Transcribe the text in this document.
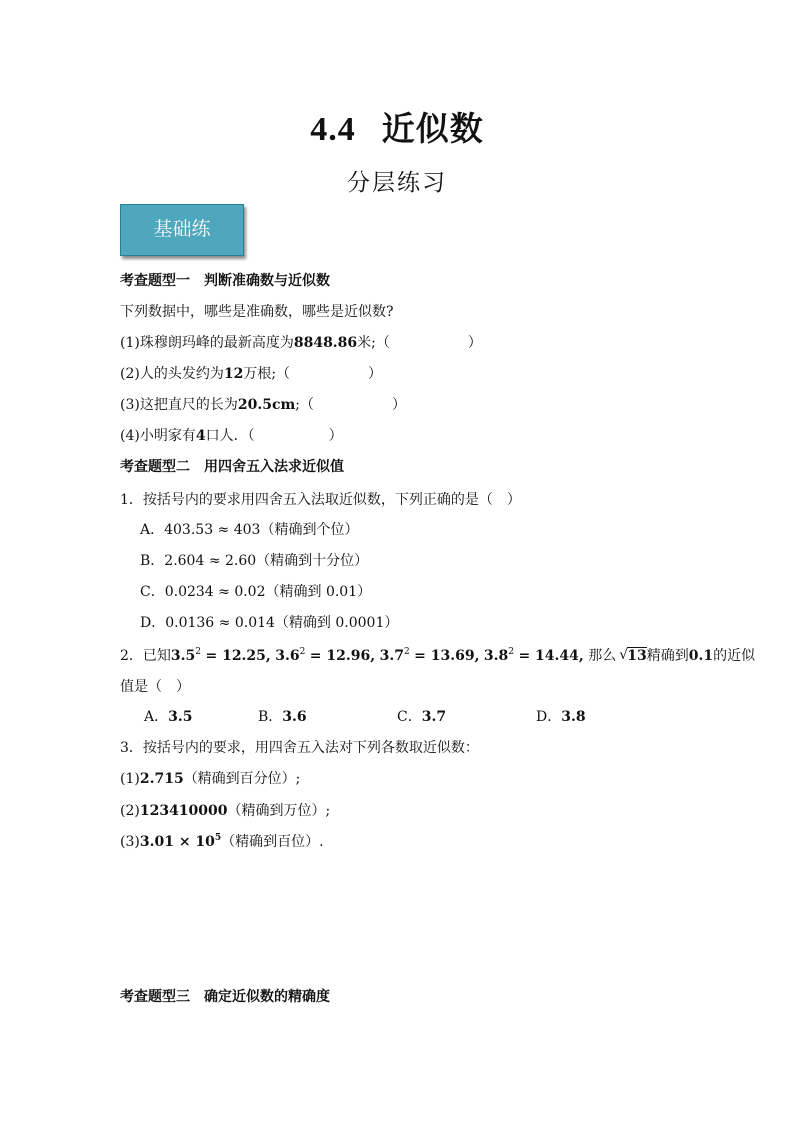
4.4 近似数
分层练习
基础练
考查题型一　判断准确数与近似数
下列数据中，哪些是准确数，哪些是近似数?
(1)珠穆朗玛峰的最新高度为8848.86米;（	）
(2)人的头发约为12万根;（	）
(3)这把直尺的长为20.5cm;（	）
(4)小明家有4口人．（	）
考查题型二　用四舍五入法求近似值
1．按括号内的要求用四舍五入法取近似数，下列正确的是（　）
A．403.53 ≈ 403（精确到个位）
B．2.604 ≈ 2.60（精确到十分位）
C．0.0234 ≈ 0.02（精确到 0.01）
D．0.0136 ≈ 0.014（精确到 0.0001）
2．已知$3.5^2 = 12.25$, $3.6^2 = 12.96$, $3.7^2 = 13.69$, $3.8^2 = 14.44$, 那么 √ 13精确到0.1的近似
值是（　）
A．3.5	B．3.6	C．3.7	D．3.8
3．按括号内的要求，用四舍五入法对下列各数取近似数：
(1)2.715（精确到百分位）;
(2)123410000（精确到万位）;
$(3)3.01 \times 10^5$（精确到百位）.
考查题型三　确定近似数的精确度
